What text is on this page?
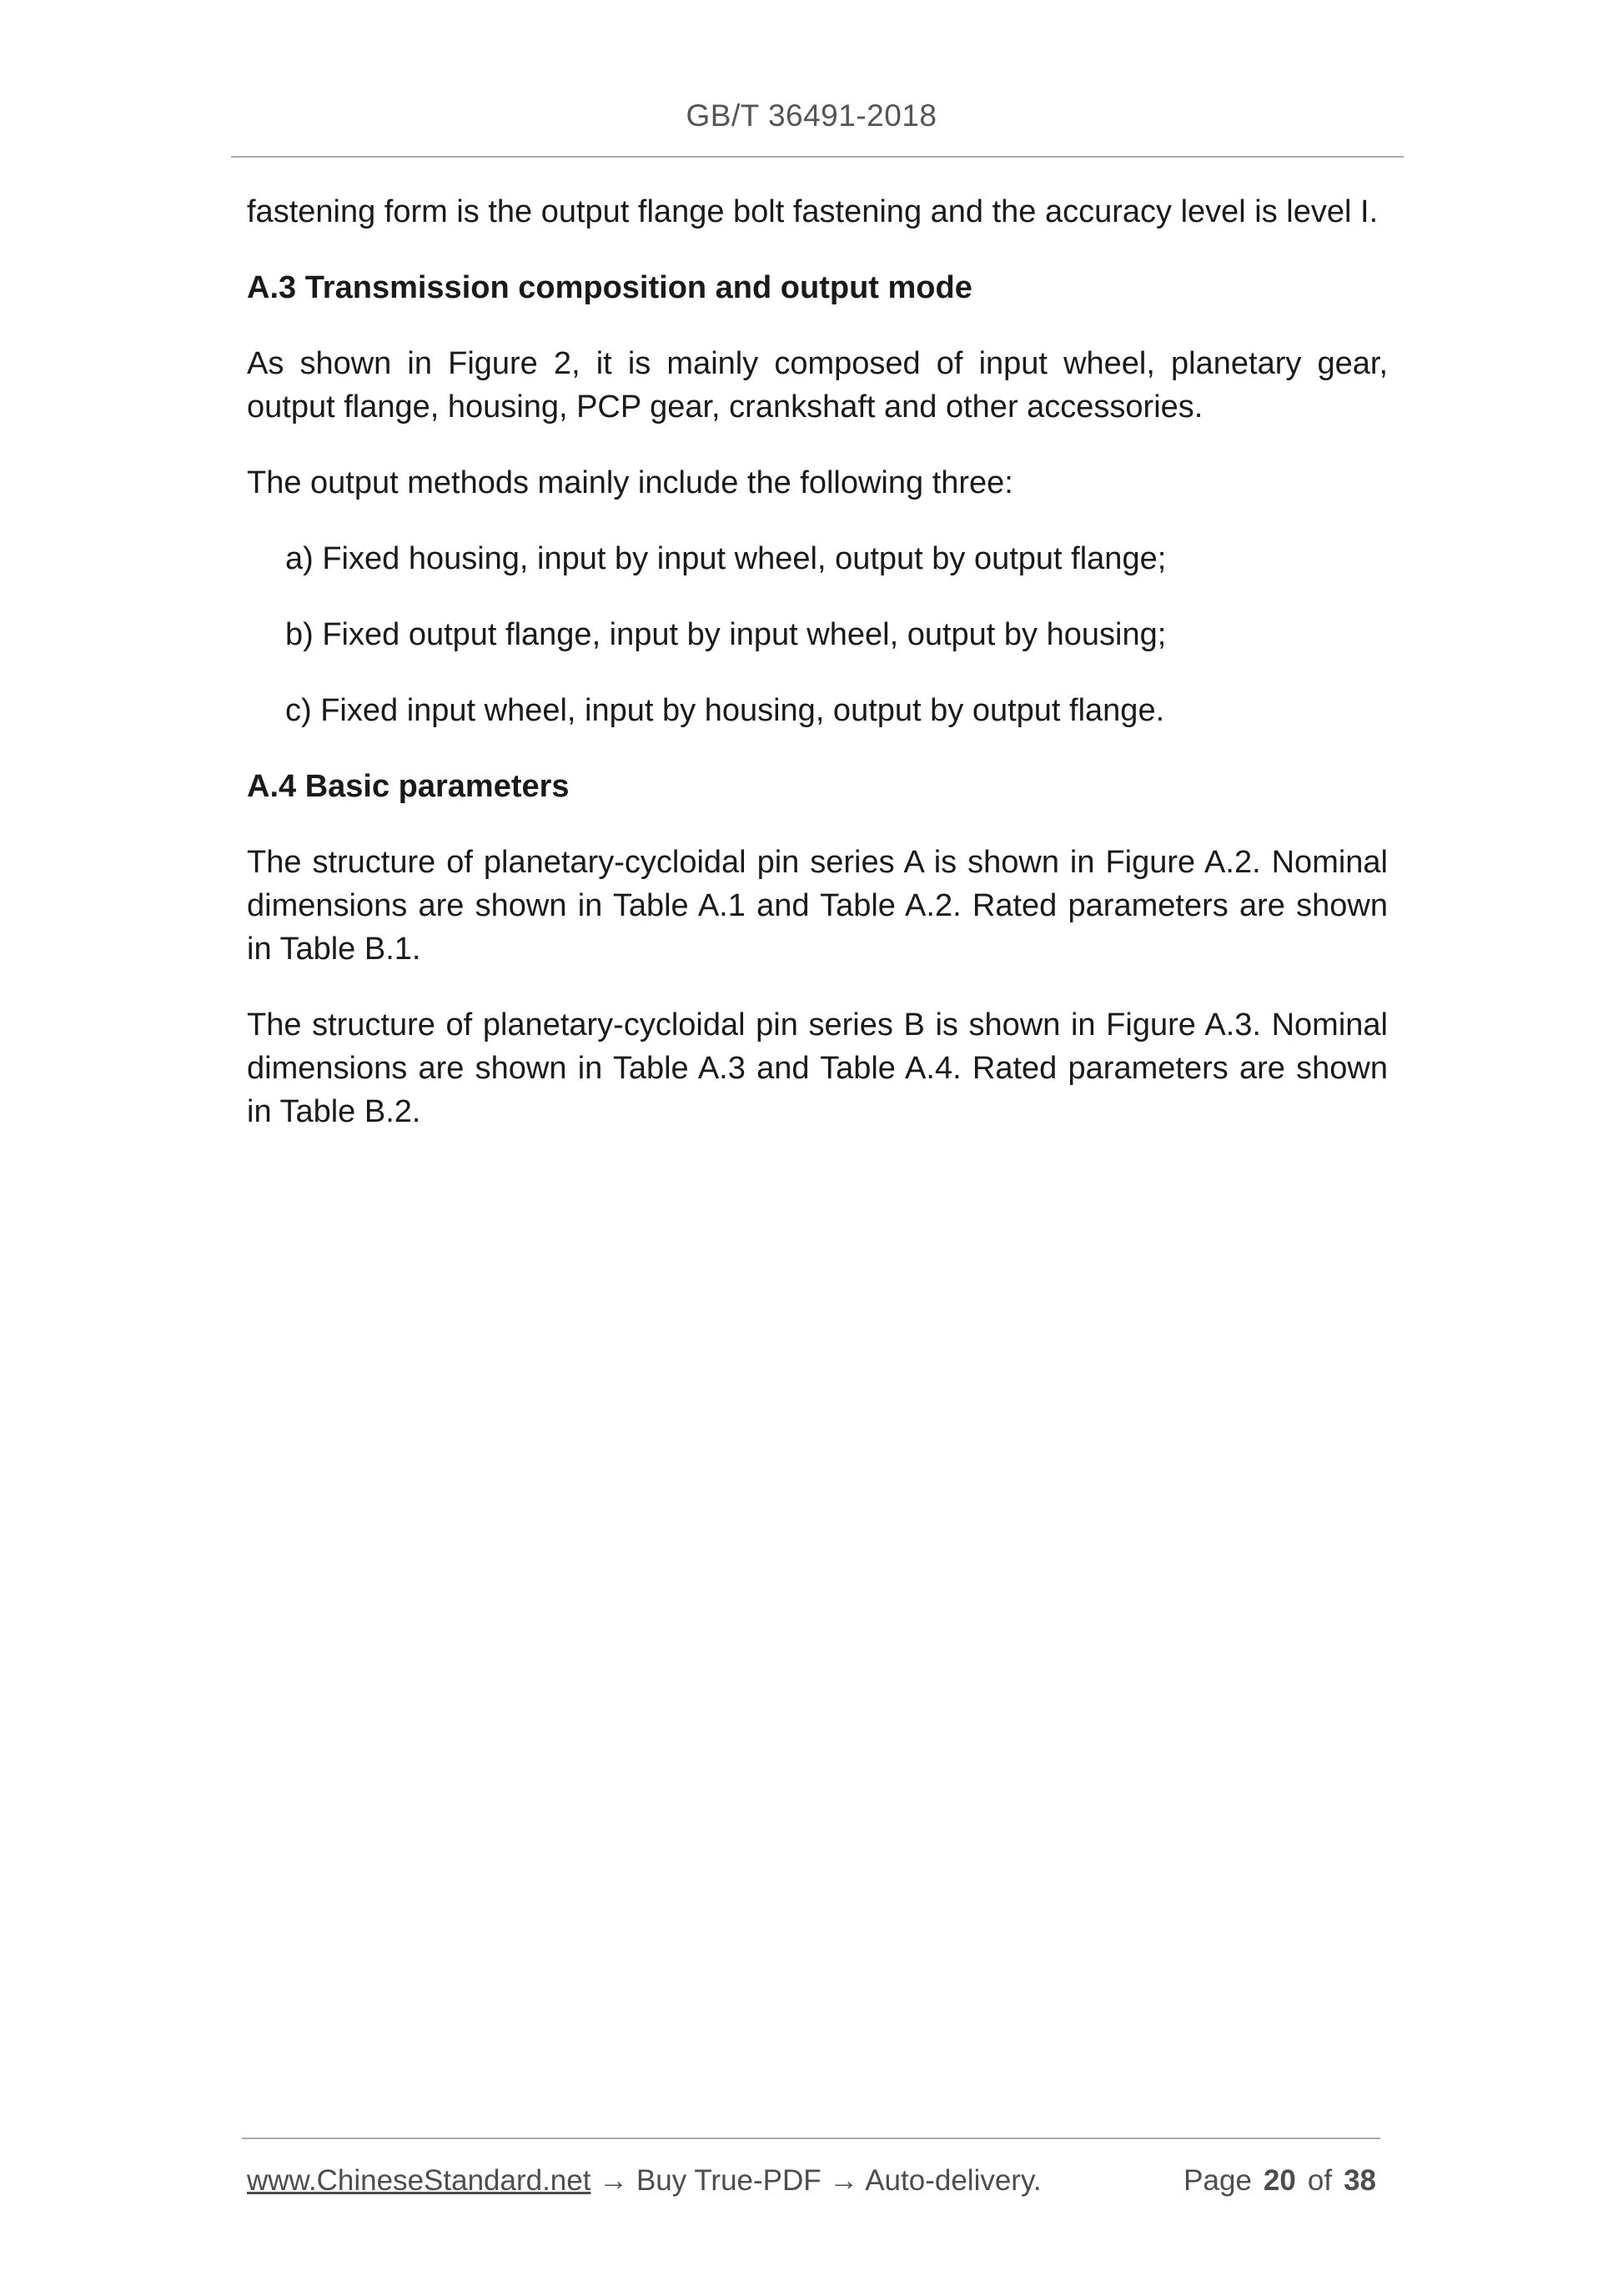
GB/T 36491-2018

fastening form is the output flange bolt fastening and the accuracy level is level I.

A.3 Transmission composition and output mode

As shown in Figure 2, it is mainly composed of input wheel, planetary gear, output flange, housing, PCP gear, crankshaft and other accessories.

The output methods mainly include the following three:

a) Fixed housing, input by input wheel, output by output flange;
b) Fixed output flange, input by input wheel, output by housing;
c) Fixed input wheel, input by housing, output by output flange.
A.4 Basic parameters

The structure of planetary-cycloidal pin series A is shown in Figure A.2. Nominal dimensions are shown in Table A.1 and Table A.2. Rated parameters are shown in Table B.1.

The structure of planetary-cycloidal pin series B is shown in Figure A.3. Nominal dimensions are shown in Table A.3 and Table A.4. Rated parameters are shown in Table B.2.

www.ChineseStandard.net → Buy True-PDF → Auto-delivery.	Page 20 of 38
